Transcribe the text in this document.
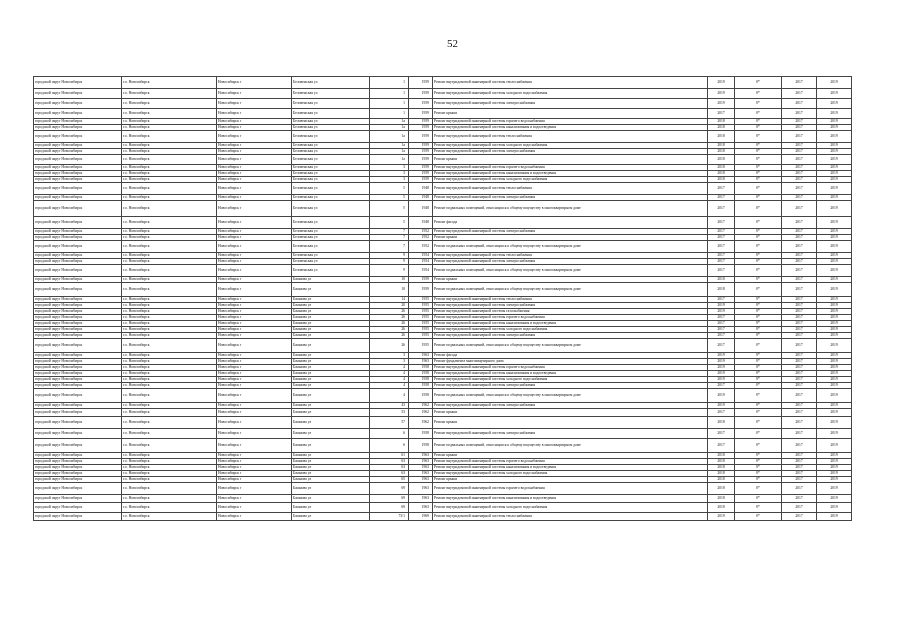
52
городской округ Новосибирск	г.о. Новосибирск	Новосибирск г	Беловежская ул	1	1959	Ремонт внутридомовой инженерной системы теплоснабжения	2019	0*	2017	2019
городской округ Новосибирск	г.о. Новосибирск	Новосибирск г	Беловежская ул	1	1959	Ремонт внутридомовой инженерной системы холодного водоснабжения	2019	0*	2017	2019
городской округ Новосибирск	г.о. Новосибирск	Новосибирск г	Беловежская ул	1	1959	Ремонт внутридомовой инженерной системы электроснабжения	2019	0*	2017	2019
городской округ Новосибирск	г.о. Новосибирск	Новосибирск г	Беловежская ул	1	1959	Ремонт крыши	2017	0*	2017	2019
городской округ Новосибирск	г.о. Новосибирск	Новосибирск г	Беловежская ул	1а	1959	Ремонт внутридомовой инженерной системы горячего водоснабжения	2018	0*	2017	2019
городской округ Новосибирск	г.о. Новосибирск	Новосибирск г	Беловежская ул	1а	1959	Ремонт внутридомовой инженерной системы канализования и водоотведения	2018	0*	2017	2019
городской округ Новосибирск	г.о. Новосибирск	Новосибирск г	Беловежская ул	1а	1959	Ремонт внутридомовой инженерной системы теплоснабжения	2018	0*	2017	2019
городской округ Новосибирск	г.о. Новосибирск	Новосибирск г	Беловежская ул	1а	1959	Ремонт внутридомовой инженерной системы холодного водоснабжения	2018	0*	2017	2019
городской округ Новосибирск	г.о. Новосибирск	Новосибирск г	Беловежская ул	1а	1959	Ремонт внутридомовой инженерной системы электроснабжения	2018	0*	2017	2019
городской округ Новосибирск	г.о. Новосибирск	Новосибирск г	Беловежская ул	1а	1959	Ремонт крыши	2018	0*	2017	2019
городской округ Новосибирск	г.о. Новосибирск	Новосибирск г	Беловежская ул	3	1959	Ремонт внутридомовой инженерной системы горячего водоснабжения	2018	0*	2017	2019
городской округ Новосибирск	г.о. Новосибирск	Новосибирск г	Беловежская ул	3	1959	Ремонт внутридомовой инженерной системы канализования и водоотведения	2018	0*	2017	2019
городской округ Новосибирск	г.о. Новосибирск	Новосибирск г	Беловежская ул	3	1959	Ремонт внутридомовой инженерной системы холодного водоснабжения	2018	0*	2017	2019
городской округ Новосибирск	г.о. Новосибирск	Новосибирск г	Беловежская ул	5	1948	Ремонт внутридомовой инженерной системы теплоснабжения	2017	0*	2017	2019
городской округ Новосибирск	г.о. Новосибирск	Новосибирск г	Беловежская ул	5	1948	Ремонт внутридомовой инженерной системы электроснабжения	2017	0*	2017	2019
городской округ Новосибирск	г.о. Новосибирск	Новосибирск г	Беловежская ул	5	1948	Ремонт подвальных помещений, относящихся к общему имуществу в многоквартирном доме	2017	0*	2017	2019
городской округ Новосибирск	г.о. Новосибирск	Новосибирск г	Беловежская ул	5	1948	Ремонт фасада	2017	0*	2017	2019
городской округ Новосибирск	г.о. Новосибирск	Новосибирск г	Беловежская ул	7	1952	Ремонт внутридомовой инженерной системы электроснабжения	2017	0*	2017	2019
городской округ Новосибирск	г.о. Новосибирск	Новосибирск г	Беловежская ул	7	1952	Ремонт крыши	2017	0*	2017	2019
городской округ Новосибирск	г.о. Новосибирск	Новосибирск г	Беловежская ул	7	1952	Ремонт подвальных помещений, относящихся к общему имуществу в многоквартирном доме	2017	0*	2017	2019
городской округ Новосибирск	г.о. Новосибирск	Новосибирск г	Беловежская ул	9	1954	Ремонт внутридомовой инженерной системы теплоснабжения	2017	0*	2017	2019
городской округ Новосибирск	г.о. Новосибирск	Новосибирск г	Беловежская ул	9	1954	Ремонт внутридомовой инженерной системы электроснабжения	2017	0*	2017	2019
городской округ Новосибирск	г.о. Новосибирск	Новосибирск г	Беловежская ул	9	1954	Ремонт подвальных помещений, относящихся к общему имуществу в многоквартирном доме	2017	0*	2017	2019
городской округ Новосибирск	г.о. Новосибирск	Новосибирск г	Бжинова ул	10	1959	Ремонт крыши	2018	0*	2017	2019
городской округ Новосибирск	г.о. Новосибирск	Новосибирск г	Бжинова ул	10	1959	Ремонт подвальных помещений, относящихся к общему имуществу в многоквартирном доме	2018	0*	2017	2019
городской округ Новосибирск	г.о. Новосибирск	Новосибирск г	Бжинова ул	14	1955	Ремонт внутридомовой инженерной системы теплоснабжения	2017	0*	2017	2019
городской округ Новосибирск	г.о. Новосибирск	Новосибирск г	Бжинова ул	20	1955	Ремонт внутридомовой инженерной системы электроснабжения	2019	0*	2017	2019
городской округ Новосибирск	г.о. Новосибирск	Новосибирск г	Бжинова ул	26	1955	Ремонт внутридомовой инженерной системы газоснабжения	2019	0*	2017	2019
городской округ Новосибирск	г.о. Новосибирск	Новосибирск г	Бжинова ул	26	1955	Ремонт внутридомовой инженерной системы горячего водоснабжения	2017	0*	2017	2019
городской округ Новосибирск	г.о. Новосибирск	Новосибирск г	Бжинова ул	26	1955	Ремонт внутридомовой инженерной системы канализования и водоотведения	2017	0*	2017	2019
городской округ Новосибирск	г.о. Новосибирск	Новосибирск г	Бжинова ул	26	1955	Ремонт внутридомовой инженерной системы холодного водоснабжения	2017	0*	2017	2019
городской округ Новосибирск	г.о. Новосибирск	Новосибирск г	Бжинова ул	26	1955	Ремонт внутридомовой инженерной системы электроснабжения	2017	0*	2017	2019
городской округ Новосибирск	г.о. Новосибирск	Новосибирск г	Бжинова ул	26	1955	Ремонт подвальных помещений, относящихся к общему имуществу в многоквартирном доме	2017	0*	2017	2019
городской округ Новосибирск	г.о. Новосибирск	Новосибирск г	Бжинова ул	3	1963	Ремонт фасада	2019	0*	2017	2019
городской округ Новосибирск	г.о. Новосибирск	Новосибирск г	Бжинова ул	3	1963	Ремонт фундамента многоквартирного дома	2019	0*	2017	2019
городской округ Новосибирск	г.о. Новосибирск	Новосибирск г	Бжинова ул	4	1958	Ремонт внутридомовой инженерной системы горячего водоснабжения	2019	0*	2017	2019
городской округ Новосибирск	г.о. Новосибирск	Новосибирск г	Бжинова ул	4	1958	Ремонт внутридомовой инженерной системы канализования и водоотведения	2019	0*	2017	2019
городской округ Новосибирск	г.о. Новосибирск	Новосибирск г	Бжинова ул	4	1958	Ремонт внутридомовой инженерной системы холодного водоснабжения	2019	0*	2017	2019
городской округ Новосибирск	г.о. Новосибирск	Новосибирск г	Бжинова ул	4	1958	Ремонт внутридомовой инженерной системы электроснабжения	2017	0*	2017	2019
городской округ Новосибирск	г.о. Новосибирск	Новосибирск г	Бжинова ул	4	1958	Ремонт подвальных помещений, относящихся к общему имуществу в многоквартирном доме	2019	0*	2017	2019
городской округ Новосибирск	г.о. Новосибирск	Новосибирск г	Бжинова ул	43	1962	Ремонт внутридомовой инженерной системы электроснабжения	2019	0*	2017	2019
городской округ Новосибирск	г.о. Новосибирск	Новосибирск г	Бжинова ул	53	1962	Ремонт крыши	2017	0*	2017	2019
городской округ Новосибирск	г.о. Новосибирск	Новосибирск г	Бжинова ул	57	1962	Ремонт крыши	2018	0*	2017	2019
городской округ Новосибирск	г.о. Новосибирск	Новосибирск г	Бжинова ул	6	1958	Ремонт внутридомовой инженерной системы электроснабжения	2017	0*	2017	2019
городской округ Новосибирск	г.о. Новосибирск	Новосибирск г	Бжинова ул	6	1958	Ремонт подвальных помещений, относящихся к общему имуществу в многоквартирном доме	2017	0*	2017	2019
городской округ Новосибирск	г.о. Новосибирск	Новосибирск г	Бжинова ул	61	1963	Ремонт крыши	2018	0*	2017	2019
городской округ Новосибирск	г.о. Новосибирск	Новосибирск г	Бжинова ул	63	1963	Ремонт внутридомовой инженерной системы горячего водоснабжения	2018	0*	2017	2019
городской округ Новосибирск	г.о. Новосибирск	Новосибирск г	Бжинова ул	63	1963	Ремонт внутридомовой инженерной системы канализования и водоотведения	2018	0*	2017	2019
городской округ Новосибирск	г.о. Новосибирск	Новосибирск г	Бжинова ул	63	1963	Ремонт внутридомовой инженерной системы холодного водоснабжения	2018	0*	2017	2019
городской округ Новосибирск	г.о. Новосибирск	Новосибирск г	Бжинова ул	65	1963	Ремонт крыши	2018	0*	2017	2019
городской округ Новосибирск	г.о. Новосибирск	Новосибирск г	Бжинова ул	69	1963	Ремонт внутридомовой инженерной системы горячего водоснабжения	2018	0*	2017	2019
городской округ Новосибирск	г.о. Новосибирск	Новосибирск г	Бжинова ул	69	1963	Ремонт внутридомовой инженерной системы канализования и водоотведения	2018	0*	2017	2019
городской округ Новосибирск	г.о. Новосибирск	Новосибирск г	Бжинова ул	69	1963	Ремонт внутридомовой инженерной системы холодного водоснабжения	2018	0*	2017	2019
городской округ Новосибирск	г.о. Новосибирск	Новосибирск г	Бжинова ул	73/1	1969	Ремонт внутридомовой инженерной системы теплоснабжения	2019	0*	2017	2019
